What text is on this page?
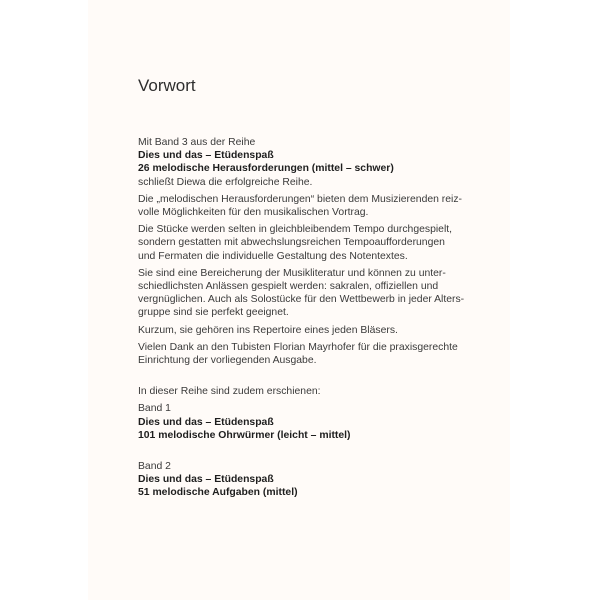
Vorwort
Mit Band 3 aus der Reihe
Dies und das – Etüdenspaß
26 melodische Herausforderungen (mittel – schwer)
schließt Diewa die erfolgreiche Reihe.
Die „melodischen Herausforderungen“ bieten dem Musizierenden reiz-
volle Möglichkeiten für den musikalischen Vortrag.
Die Stücke werden selten in gleichbleibendem Tempo durchgespielt,
sondern gestatten mit abwechslungsreichen Tempoaufforderungen
und Fermaten die individuelle Gestaltung des Notentextes.
Sie sind eine Bereicherung der Musikliteratur und können zu unter-
schiedlichsten Anlässen gespielt werden: sakralen, offiziellen und
vergnüglichen. Auch als Solostücke für den Wettbewerb in jeder Alters-
gruppe sind sie perfekt geeignet.
Kurzum, sie gehören ins Repertoire eines jeden Bläsers.
Vielen Dank an den Tubisten Florian Mayrhofer für die praxisgerechte
Einrichtung der vorliegenden Ausgabe.
In dieser Reihe sind zudem erschienen:
Band 1
Dies und das – Etüdenspaß
101 melodische Ohrwürmer (leicht – mittel)
Band 2
Dies und das – Etüdenspaß
51 melodische Aufgaben (mittel)
